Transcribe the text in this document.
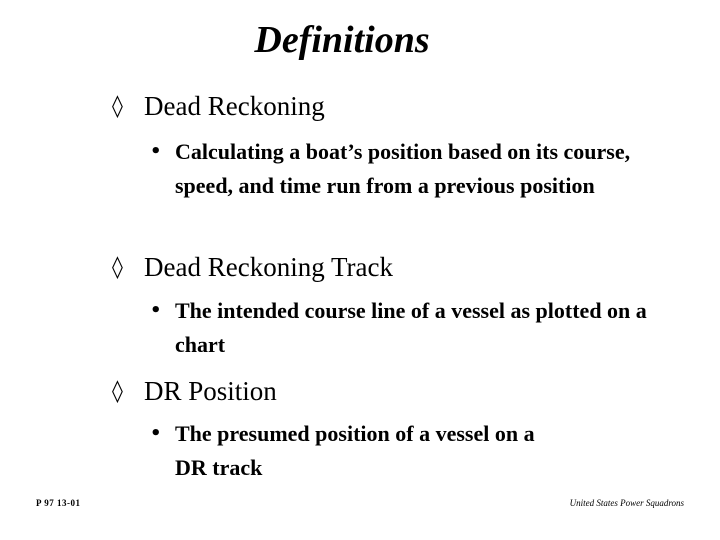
Definitions
◊ Dead Reckoning
• Calculating a boat’s position based on its course, speed, and time run from a previous position
◊ Dead Reckoning Track
• The intended course line of a vessel as plotted on a chart
◊ DR Position
• The presumed position of a vessel on a DR track
P 97 13-01	United States Power Squadrons
